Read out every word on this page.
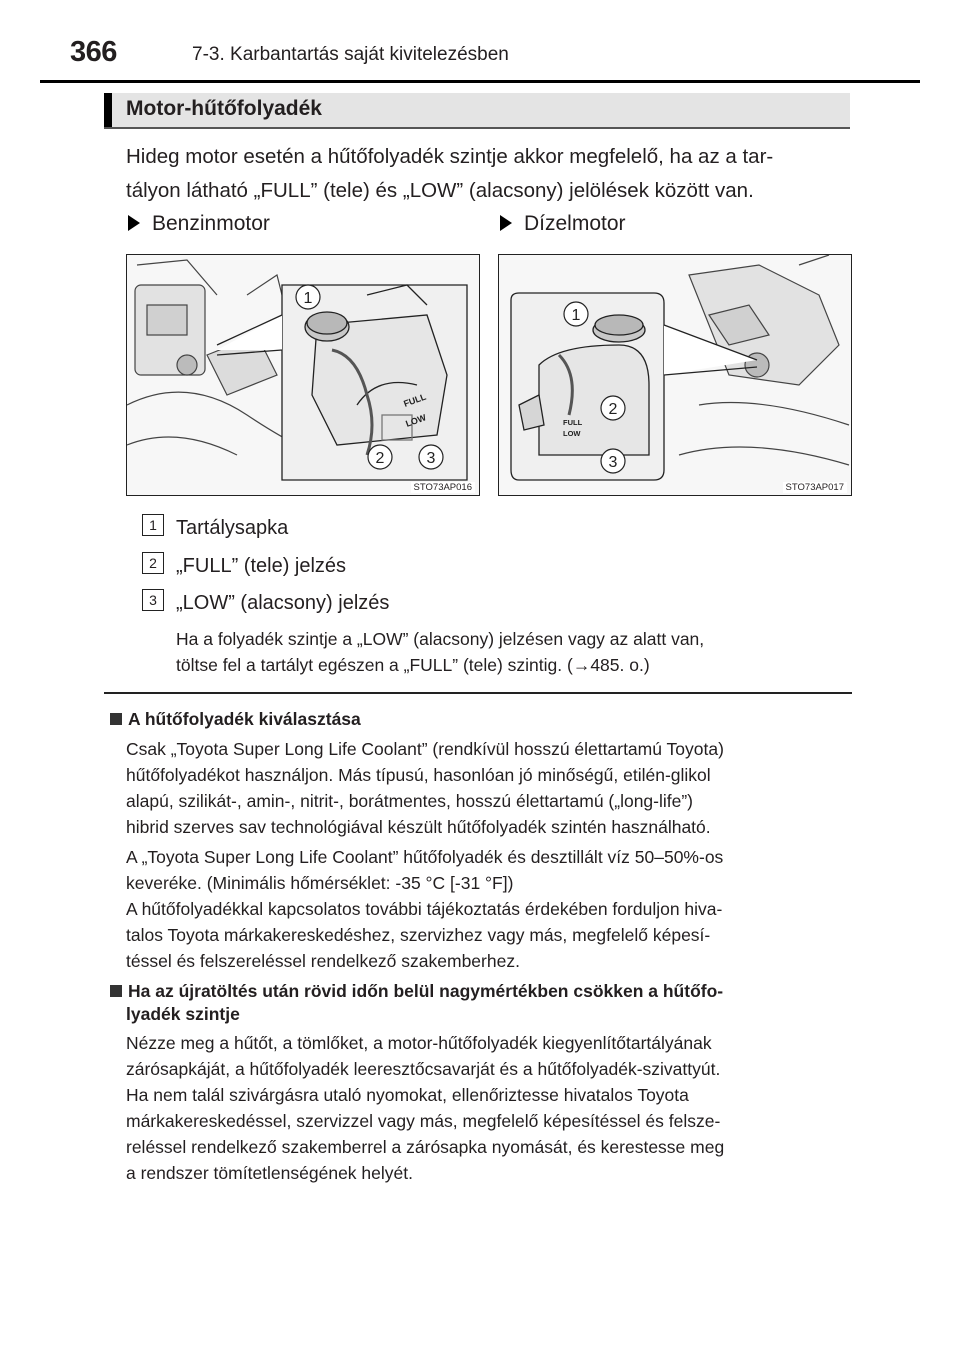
366	7-3. Karbantartás saját kivitelezésben
Motor-hűtőfolyadék
Hideg motor esetén a hűtőfolyadék szintje akkor megfelelő, ha az a tar-
tályon látható „FULL” (tele) és „LOW” (alacsony) jelölések között van.
Benzinmotor	Dízelmotor
FULL
LOW
1
2	3
STO73AP016
FULL
LOW
1
2
3
STO73AP017
1 Tartálysapka
2 „FULL” (tele) jelzés
3 „LOW” (alacsony) jelzés
Ha a folyadék szintje a „LOW” (alacsony) jelzésen vagy az alatt van,
töltse fel a tartályt egészen a „FULL” (tele) szintig. (→485. o.)
A hűtőfolyadék kiválasztása
Csak „Toyota Super Long Life Coolant” (rendkívül hosszú élettartamú Toyota)
hűtőfolyadékot használjon. Más típusú, hasonlóan jó minőségű, etilén-glikol
alapú, szilikát-, amin-, nitrit-, borátmentes, hosszú élettartamú („long-life”)
hibrid szerves sav technológiával készült hűtőfolyadék szintén használható.
A „Toyota Super Long Life Coolant” hűtőfolyadék és desztillált víz 50–50%-os
keveréke. (Minimális hőmérséklet: -35 °C [-31 °F])
A hűtőfolyadékkal kapcsolatos további tájékoztatás érdekében forduljon hiva-
talos Toyota márkakereskedéshez, szervizhez vagy más, megfelelő képesí-
téssel és felszereléssel rendelkező szakemberhez.
Ha az újratöltés után rövid időn belül nagymértékben csökken a hűtőfo-
lyadék szintje
Nézze meg a hűtőt, a tömlőket, a motor-hűtőfolyadék kiegyenlítőtartályának
zárósapkáját, a hűtőfolyadék leeresztőcsavarját és a hűtőfolyadék-szivattyút.
Ha nem talál szivárgásra utaló nyomokat, ellenőriztesse hivatalos Toyota
márkakereskedéssel, szervizzel vagy más, megfelelő képesítéssel és felsze-
reléssel rendelkező szakemberrel a zárósapka nyomását, és kerestesse meg
a rendszer tömítetlenségének helyét.
